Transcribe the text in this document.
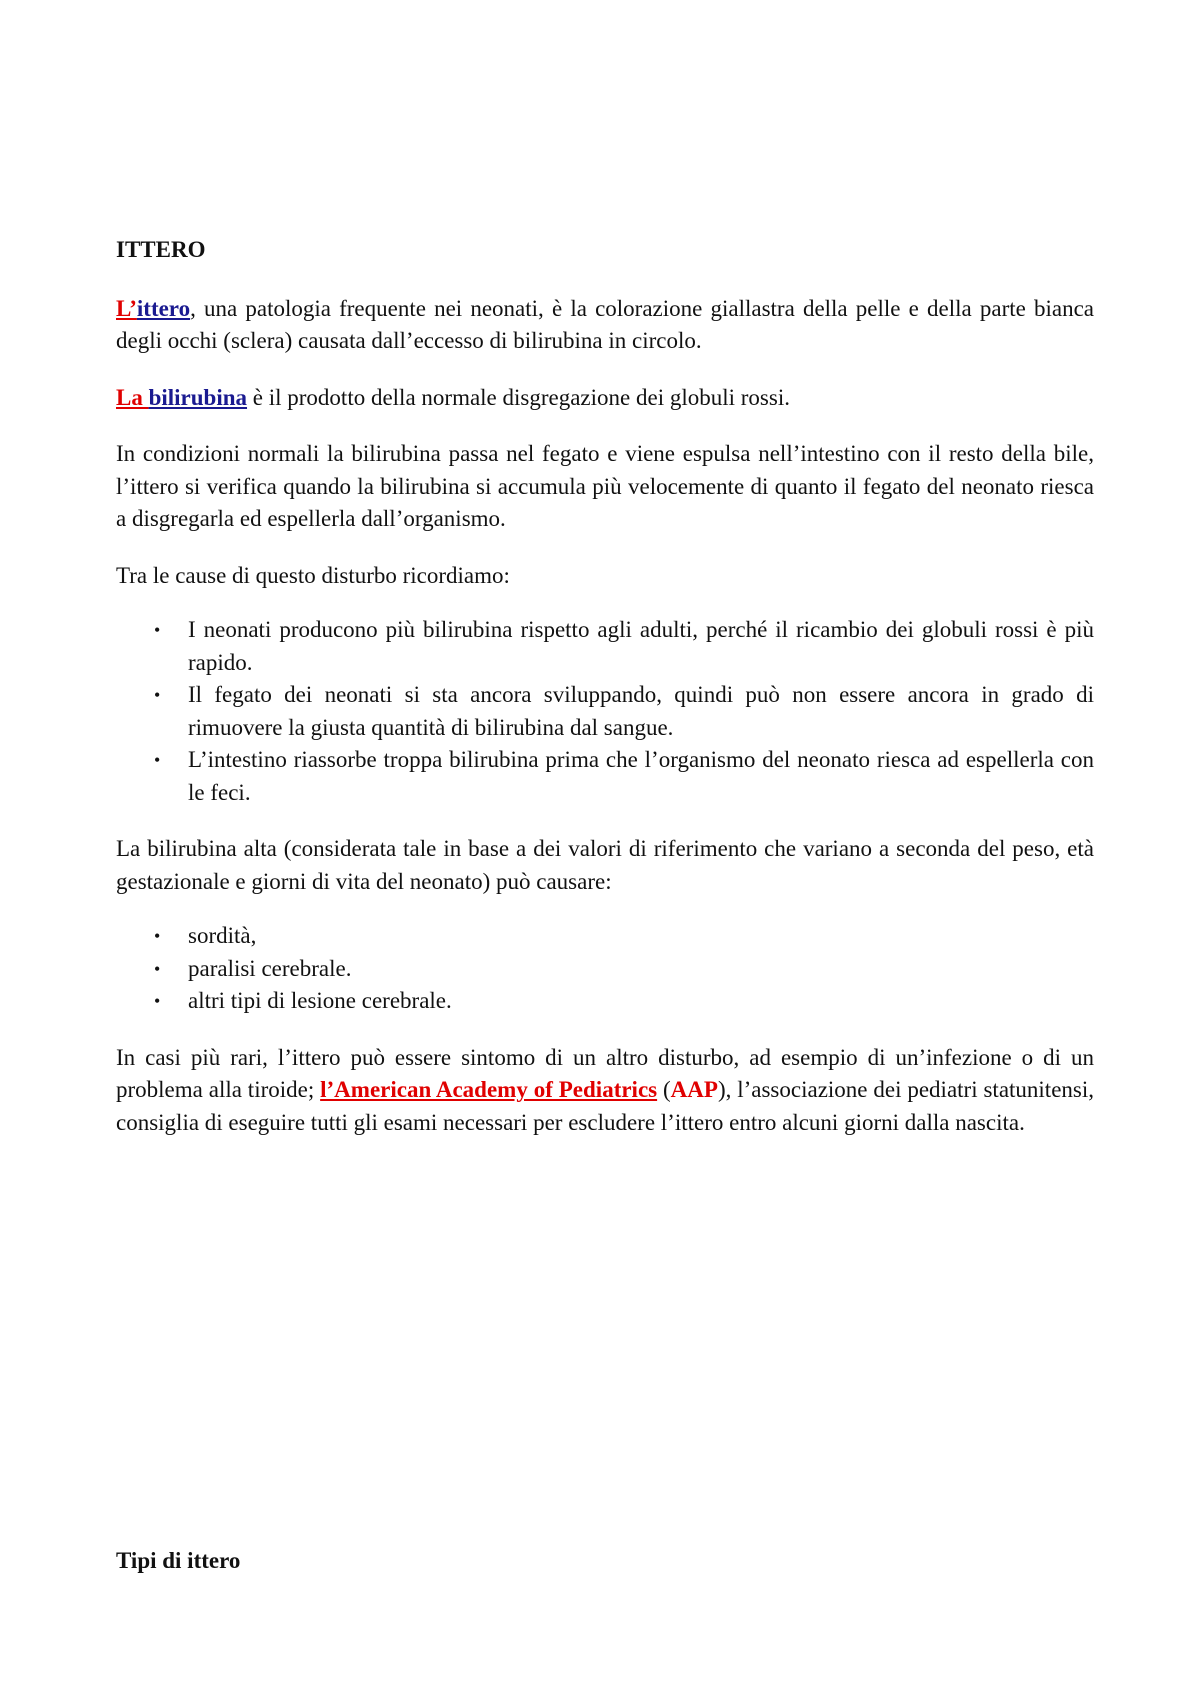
ITTERO

L’ittero, una patologia frequente nei neonati, è la colorazione giallastra della pelle e della parte bianca degli occhi (sclera) causata dall’eccesso di bilirubina in circolo.

La bilirubina è il prodotto della normale disgregazione dei globuli rossi.

In condizioni normali la bilirubina passa nel fegato e viene espulsa nell’intestino con il resto della bile, l’ittero si verifica quando la bilirubina si accumula più velocemente di quanto il fegato del neonato riesca a disgregarla ed espellerla dall’organismo.

Tra le cause di questo disturbo ricordiamo:

• I neonati producono più bilirubina rispetto agli adulti, perché il ricambio dei globuli rossi è più rapido.
• Il fegato dei neonati si sta ancora sviluppando, quindi può non essere ancora in grado di rimuovere la giusta quantità di bilirubina dal sangue.
• L’intestino riassorbe troppa bilirubina prima che l’organismo del neonato riesca ad espellerla con le feci.

La bilirubina alta (considerata tale in base a dei valori di riferimento che variano a seconda del peso, età gestazionale e giorni di vita del neonato) può causare:

• sordità,
• paralisi cerebrale.
• altri tipi di lesione cerebrale.

In casi più rari, l’ittero può essere sintomo di un altro disturbo, ad esempio di un’infezione o di un problema alla tiroide; l’American Academy of Pediatrics (AAP), l’associazione dei pediatri statunitensi, consiglia di eseguire tutti gli esami necessari per escludere l’ittero entro alcuni giorni dalla nascita.

Tipi di ittero
